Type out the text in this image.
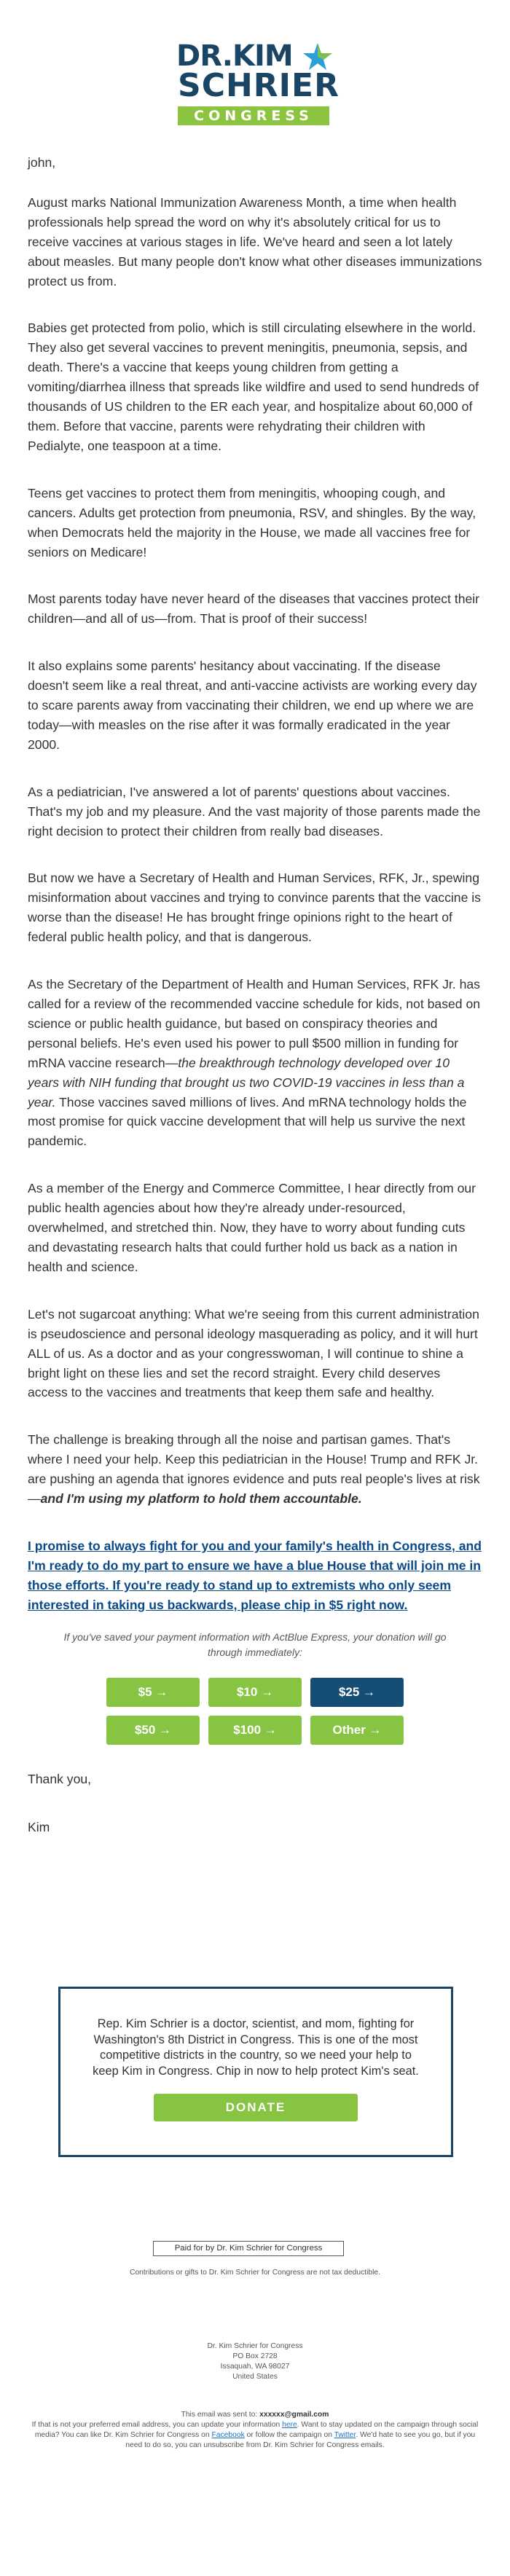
DR.KIM
SCHRIER
CONGRESS

john,

August marks National Immunization Awareness Month, a time when health professionals help spread the word on why it's absolutely critical for us to receive vaccines at various stages in life. We've heard and seen a lot lately about measles. But many people don't know what other diseases immunizations protect us from.

Babies get protected from polio, which is still circulating elsewhere in the world. They also get several vaccines to prevent meningitis, pneumonia, sepsis, and death. There's a vaccine that keeps young children from getting a vomiting/diarrhea illness that spreads like wildfire and used to send hundreds of thousands of US children to the ER each year, and hospitalize about 60,000 of them. Before that vaccine, parents were rehydrating their children with Pedialyte, one teaspoon at a time.

Teens get vaccines to protect them from meningitis, whooping cough, and cancers. Adults get protection from pneumonia, RSV, and shingles. By the way, when Democrats held the majority in the House, we made all vaccines free for seniors on Medicare!

Most parents today have never heard of the diseases that vaccines protect their children—and all of us—from. That is proof of their success!

It also explains some parents' hesitancy about vaccinating. If the disease doesn't seem like a real threat, and anti-vaccine activists are working every day to scare parents away from vaccinating their children, we end up where we are today—with measles on the rise after it was formally eradicated in the year 2000.

As a pediatrician, I've answered a lot of parents' questions about vaccines. That's my job and my pleasure. And the vast majority of those parents made the right decision to protect their children from really bad diseases.

But now we have a Secretary of Health and Human Services, RFK, Jr., spewing misinformation about vaccines and trying to convince parents that the vaccine is worse than the disease! He has brought fringe opinions right to the heart of federal public health policy, and that is dangerous.

As the Secretary of the Department of Health and Human Services, RFK Jr. has called for a review of the recommended vaccine schedule for kids, not based on science or public health guidance, but based on conspiracy theories and personal beliefs. He's even used his power to pull $500 million in funding for mRNA vaccine research—the breakthrough technology developed over 10 years with NIH funding that brought us two COVID-19 vaccines in less than a year. Those vaccines saved millions of lives. And mRNA technology holds the most promise for quick vaccine development that will help us survive the next pandemic.

As a member of the Energy and Commerce Committee, I hear directly from our public health agencies about how they're already under-resourced, overwhelmed, and stretched thin. Now, they have to worry about funding cuts and devastating research halts that could further hold us back as a nation in health and science.

Let's not sugarcoat anything: What we're seeing from this current administration is pseudoscience and personal ideology masquerading as policy, and it will hurt ALL of us. As a doctor and as your congresswoman, I will continue to shine a bright light on these lies and set the record straight. Every child deserves access to the vaccines and treatments that keep them safe and healthy.

The challenge is breaking through all the noise and partisan games. That's where I need your help. Keep this pediatrician in the House! Trump and RFK Jr. are pushing an agenda that ignores evidence and puts real people's lives at risk—and I'm using my platform to hold them accountable.

I promise to always fight for you and your family's health in Congress, and I'm ready to do my part to ensure we have a blue House that will join me in those efforts. If you're ready to stand up to extremists who only seem interested in taking us backwards, please chip in $5 right now.

If you've saved your payment information with ActBlue Express, your donation will go through immediately:

$5 →	$10 →	$25 →
$50 →	$100 →	Other →

Thank you,

Kim

Rep. Kim Schrier is a doctor, scientist, and mom, fighting for Washington's 8th District in Congress. This is one of the most competitive districts in the country, so we need your help to keep Kim in Congress. Chip in now to help protect Kim's seat.

DONATE
Paid for by Dr. Kim Schrier for Congress
Contributions or gifts to Dr. Kim Schrier for Congress are not tax deductible.
Dr. Kim Schrier for Congress
PO Box 2728
Issaquah, WA 98027
United States
This email was sent to: xxxxxx@gmail.com
If that is not your preferred email address, you can update your information here. Want to stay updated on the campaign through social media? You can like Dr. Kim Schrier for Congress on Facebook or follow the campaign on Twitter. We'd hate to see you go, but if you need to do so, you can unsubscribe from Dr. Kim Schrier for Congress emails.
